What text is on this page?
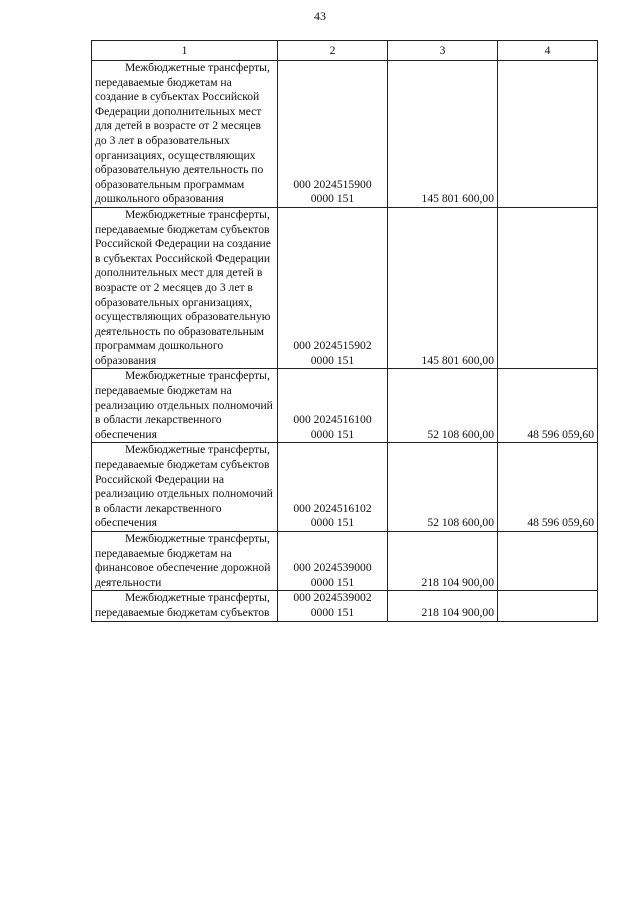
43
1	2	3	4

Межбюджетные трансферты, передаваемые бюджетам на создание в субъектах Российской Федерации дополнительных мест для детей в возрасте от 2 месяцев до 3 лет в образовательных организациях, осуществляющих образовательную деятельность по образовательным программам дошкольного образования	000 2024515900
0000 151	145 801 600,00	

Межбюджетные трансферты, передаваемые бюджетам субъектов Российской Федерации на создание в субъектах Российской Федерации дополнительных мест для детей в возрасте от 2 месяцев до 3 лет в образовательных организациях, осуществляющих образовательную деятельность по образовательным программам дошкольного образования	000 2024515902
0000 151	145 801 600,00	

Межбюджетные трансферты, передаваемые бюджетам на реализацию отдельных полномочий в области лекарственного обеспечения	000 2024516100
0000 151	52 108 600,00	48 596 059,60

Межбюджетные трансферты, передаваемые бюджетам субъектов Российской Федерации на реализацию отдельных полномочий в области лекарственного обеспечения	000 2024516102
0000 151	52 108 600,00	48 596 059,60

Межбюджетные трансферты, передаваемые бюджетам на финансовое обеспечение дорожной деятельности	000 2024539000
0000 151	218 104 900,00	

Межбюджетные трансферты, передаваемые бюджетам субъектов	000 2024539002
0000 151	218 104 900,00	
